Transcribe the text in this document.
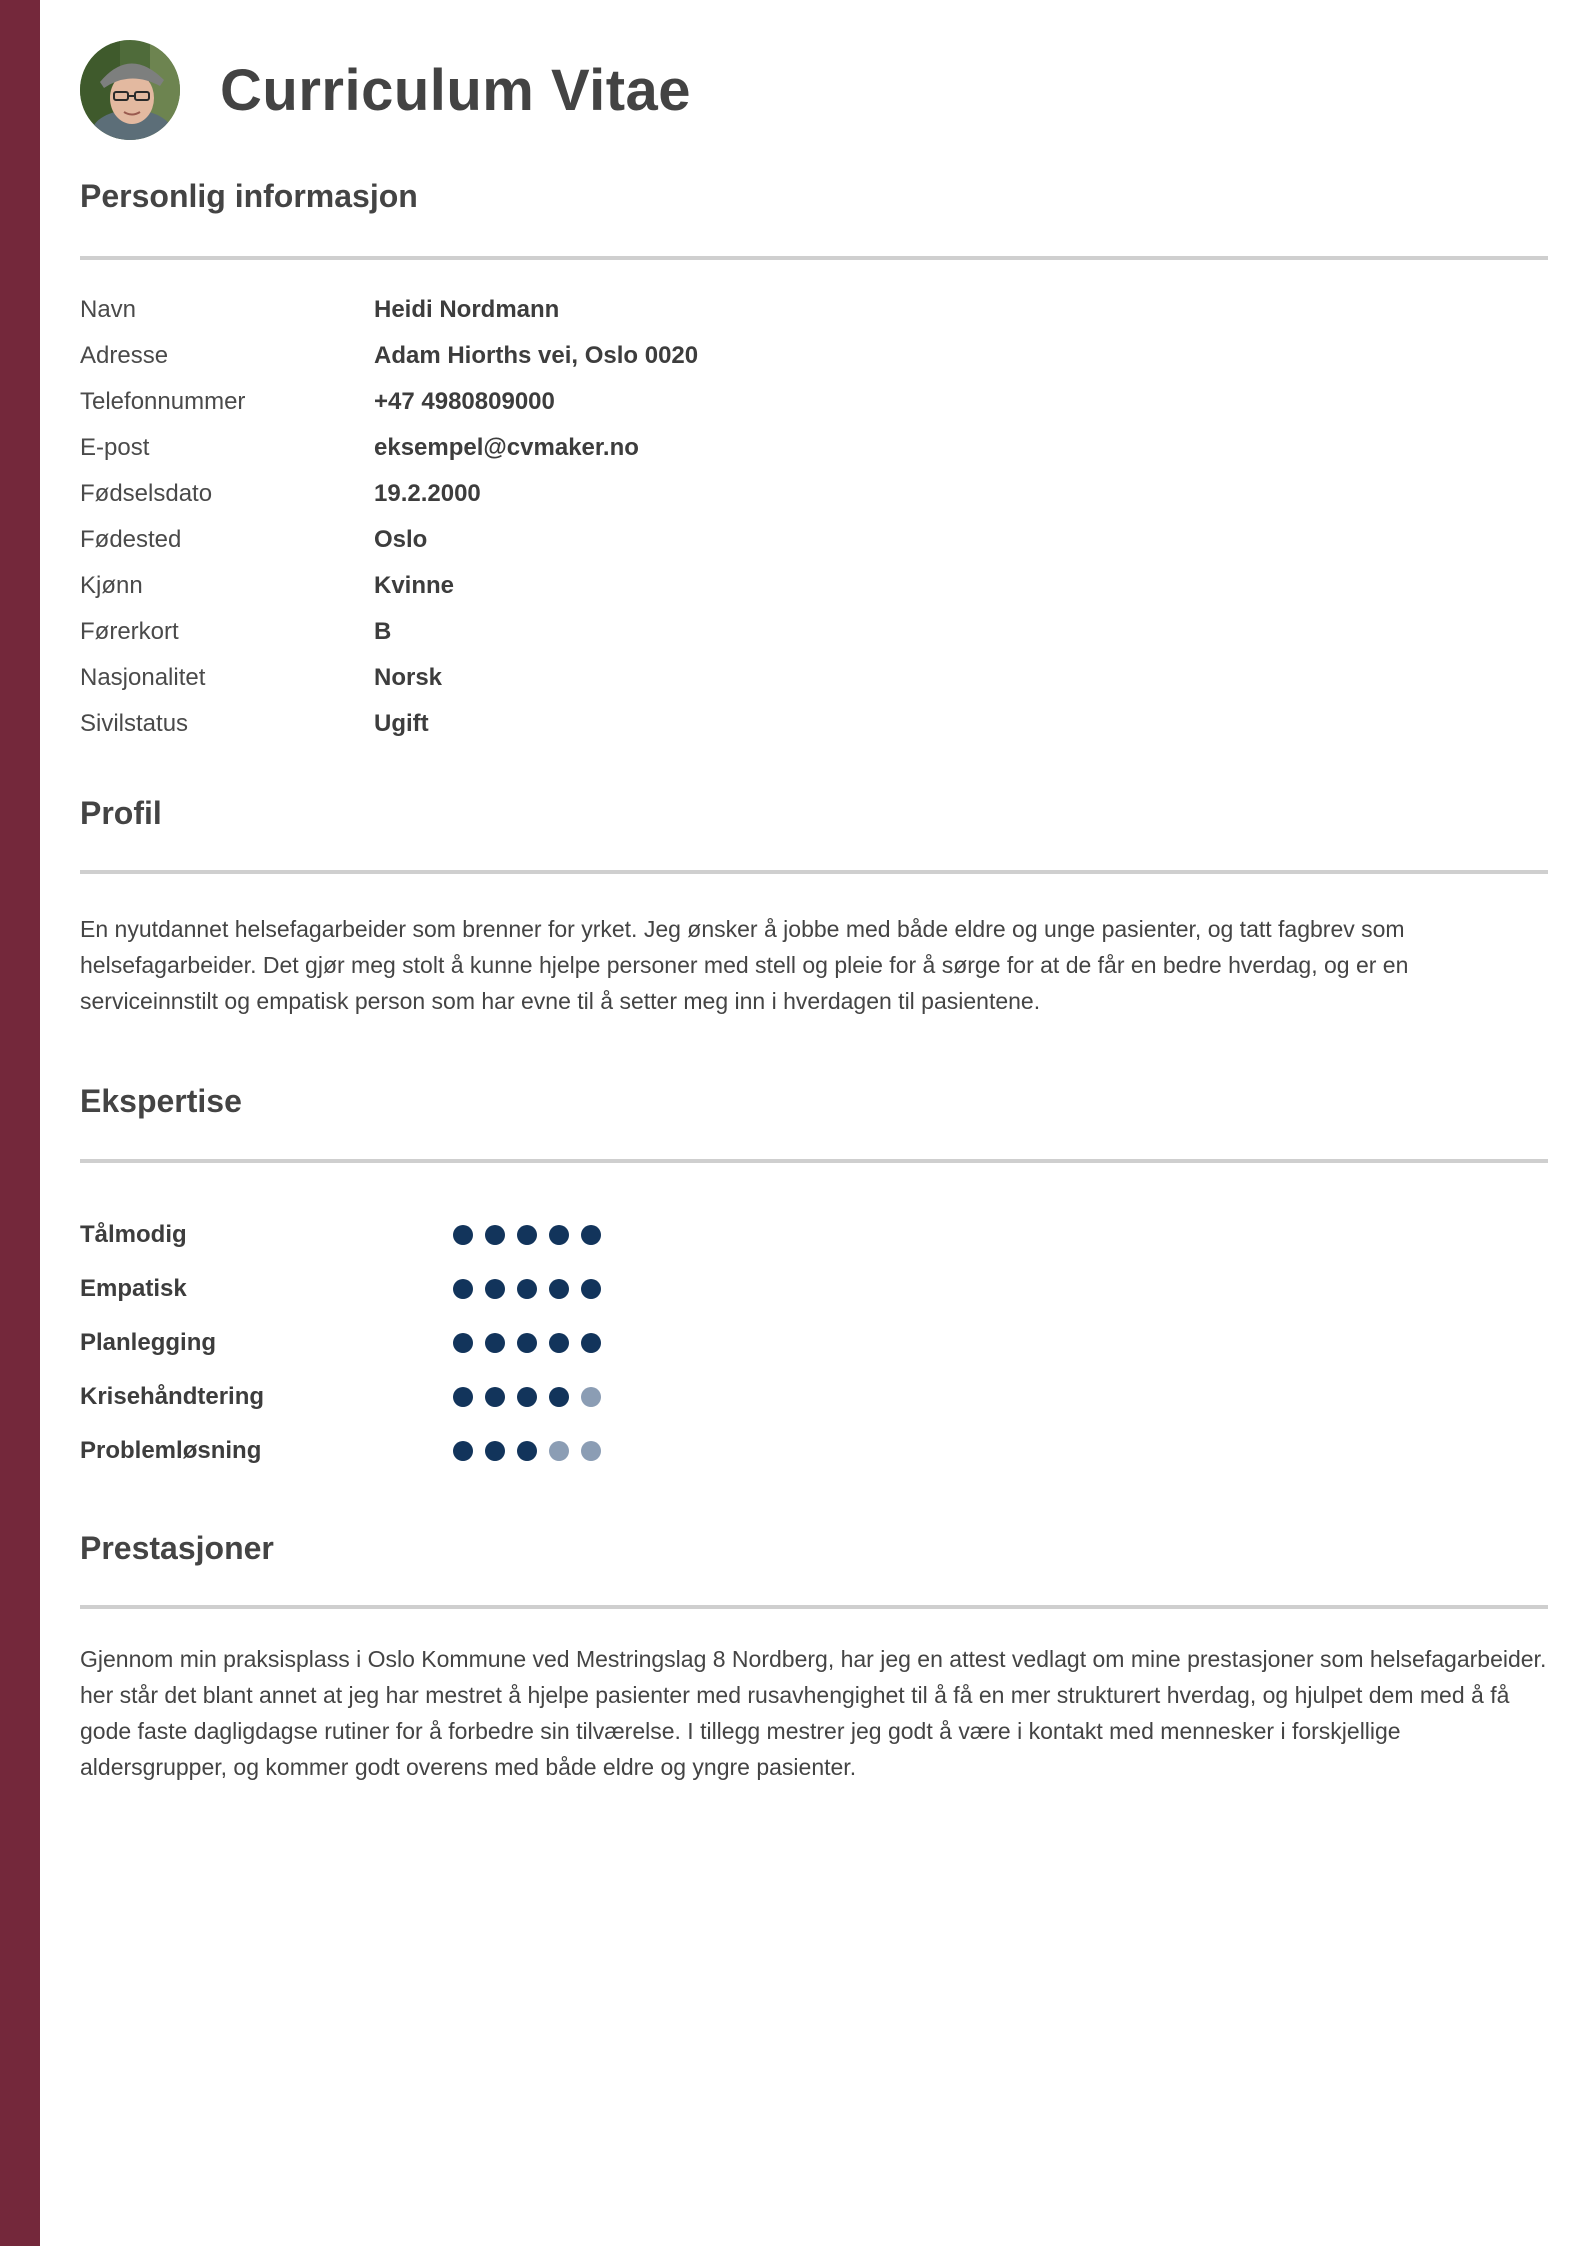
Curriculum Vitae
Personlig informasjon
Navn	Heidi Nordmann
Adresse	Adam Hiorths vei, Oslo 0020
Telefonnummer	+47 4980809000
E-post	eksempel@cvmaker.no
Fødselsdato	19.2.2000
Fødested	Oslo
Kjønn	Kvinne
Førerkort	B
Nasjonalitet	Norsk
Sivilstatus	Ugift
Profil

En nyutdannet helsefagarbeider som brenner for yrket. Jeg ønsker å jobbe med både eldre og unge pasienter, og tatt fagbrev som helsefagarbeider. Det gjør meg stolt å kunne hjelpe personer med stell og pleie for å sørge for at de får en bedre hverdag, og er en serviceinnstilt og empatisk person som har evne til å setter meg inn i hverdagen til pasientene.

Ekspertise
Tålmodig
Empatisk
Planlegging
Krisehåndtering
Problemløsning
Prestasjoner

Gjennom min praksisplass i Oslo Kommune ved Mestringslag 8 Nordberg, har jeg en attest vedlagt om mine prestasjoner som helsefagarbeider. her står det blant annet at jeg har mestret å hjelpe pasienter med rusavhengighet til å få en mer strukturert hverdag, og hjulpet dem med å få gode faste dagligdagse rutiner for å forbedre sin tilværelse. I tillegg mestrer jeg godt å være i kontakt med mennesker i forskjellige aldersgrupper, og kommer godt overens med både eldre og yngre pasienter.
